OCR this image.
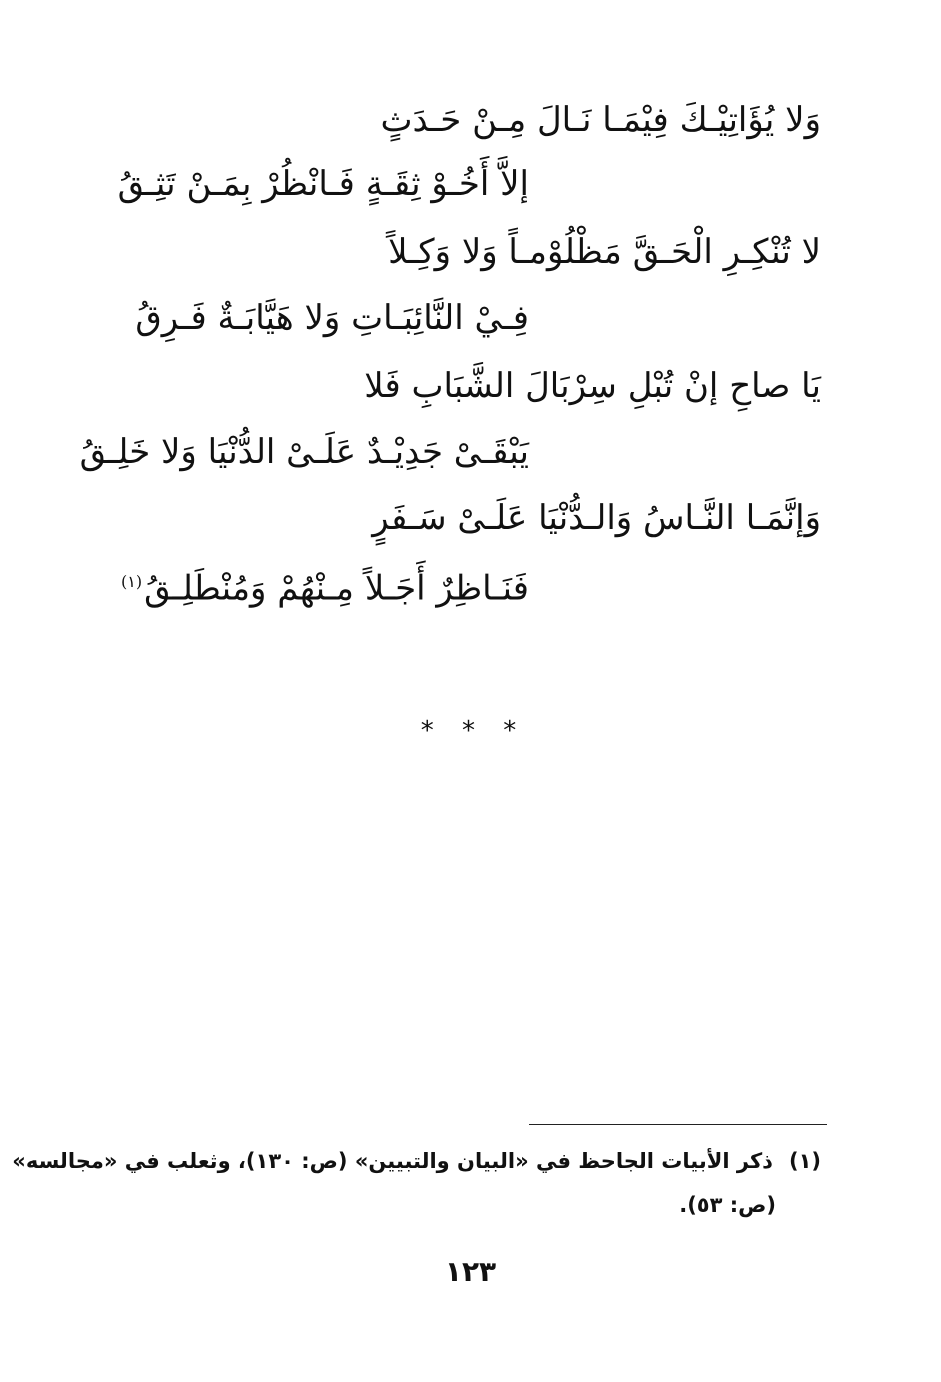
وَلا يُؤَاتِيْـكَ فِيْمَـا نَـالَ مِـنْ حَـدَثٍ
إلاَّ أَخُـوْ ثِقَـةٍ فَـانْظُرْ بِمَـنْ تَثِـقُ
لا تُنْكِـرِ الْحَـقَّ مَظْلُوْمـاً وَلا وَكِـلاً
فِـيْ النَّائِبَـاتِ وَلا هَيَّابَـةٌ فَـرِقُ
يَا صاحِ إنْ تُبْلِ سِرْبَالَ الشَّبَابِ فَلا
يَبْقَـىْ جَدِيْـدٌ عَلَـىْ الدُّنْيَا وَلا خَلِـقُ
وَإنَّمَـا النَّـاسُ وَالـدُّنْيَا عَلَـىْ سَـفَرٍ
فَنَـاظِرٌ أَجَـلاً مِـنْهُمْ وَمُنْطَلِـقُ$^{(١)}$
* * *
(١)ذكر الأبيات الجاحظ في «البيان والتبيين» (ص: ١٣٠)، وثعلب في «مجالسه»
(ص: ٥٣).
١٢٣
